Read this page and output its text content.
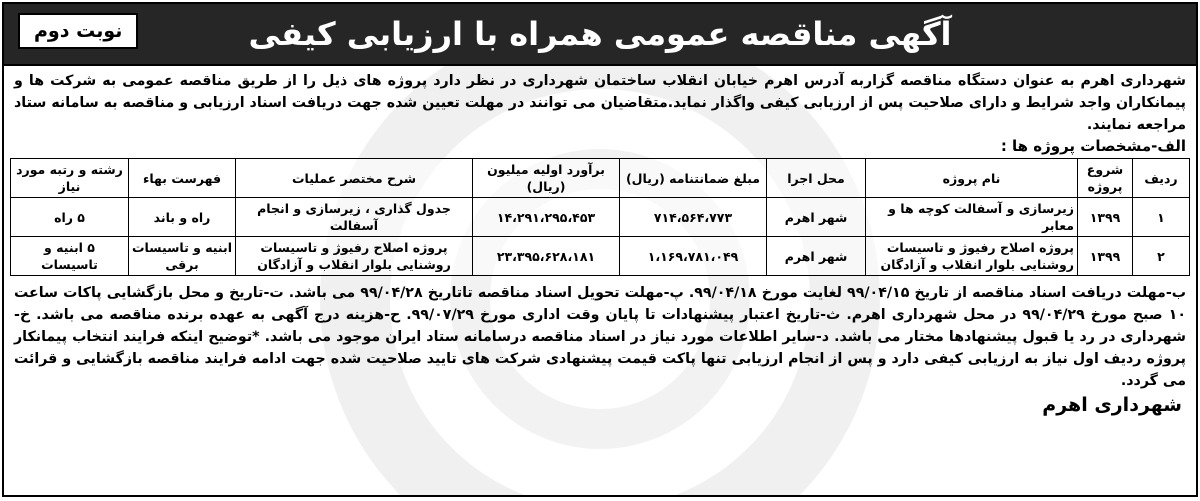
آگهی مناقصه عمومی همراه با ارزیابی کیفی
نوبت دوم
شهرداری اهرم به عنوان دستگاه مناقصه گزاربه آدرس اهرم خیابان انقلاب ساختمان شهرداری در نظر دارد پروژه های ذیل را از طریق مناقصه عمومی به شرکت ها و پیمانکاران واجد شرایط و دارای صلاحیت پس از ارزیابی کیفی واگذار نماید.متقاضیان می توانند در مهلت تعیین شده جهت دریافت اسناد ارزیابی و مناقصه به سامانه ستاد مراجعه نمایند.
الف-مشخصات پروژه ها :
ردیف	شروع پروژه	نام پروژه	محل اجرا	مبلغ ضمانتنامه (ریال)	برآورد اولیه میلیون (ریال)	شرح مختصر عملیات	فهرست بهاء	رشته و رتبه مورد نیاز
۱	۱۳۹۹	زیرسازی و آسفالت کوچه ها و معابر	شهر اهرم	۷۱۴،۵۶۴،۷۷۳	۱۴،۲۹۱،۲۹۵،۴۵۳	جدول گذاری ، زیرسازی و انجام آسفالت	راه و باند	۵ راه
۲	۱۳۹۹	پروژه اصلاح رفیوژ و تاسیسات روشنایی بلوار انقلاب و آزادگان	شهر اهرم	۱،۱۶۹،۷۸۱،۰۴۹	۲۳،۳۹۵،۶۲۸،۱۸۱	پروژه اصلاح رفیوژ و تاسیسات روشنایی بلوار انقلاب و آزادگان	ابنیه و تاسیسات برقی	۵ ابنیه و تاسیسات
ب-مهلت دریافت اسناد مناقصه از تاریخ ۹۹/۰۴/۱۵ لغایت مورخ ۹۹/۰۴/۱۸. پ-مهلت تحویل اسناد مناقصه تاتاریخ ۹۹/۰۴/۲۸ می باشد. ت-تاریخ و محل بازگشایی پاکات ساعت ۱۰ صبح مورخ ۹۹/۰۴/۲۹ در محل شهرداری اهرم. ث-تاریخ اعتبار پیشنهادات تا پایان وقت اداری مورخ ۹۹/۰۷/۲۹. ح-هزینه درج آگهی به عهده برنده مناقصه می باشد. خ-شهرداری در رد یا قبول پیشنهادها مختار می باشد. د-سایر اطلاعات مورد نیاز در اسناد مناقصه درسامانه ستاد ایران موجود می باشد. *توضیح اینکه فرایند انتخاب پیمانکار پروژه ردیف اول نیاز به ارزیابی کیفی دارد و پس از انجام ارزیابی تنها پاکت قیمت پیشنهادی شرکت های تایید صلاحیت شده جهت ادامه فرایند مناقصه بازگشایی و قرائت می گردد.
شهرداری اهرم
